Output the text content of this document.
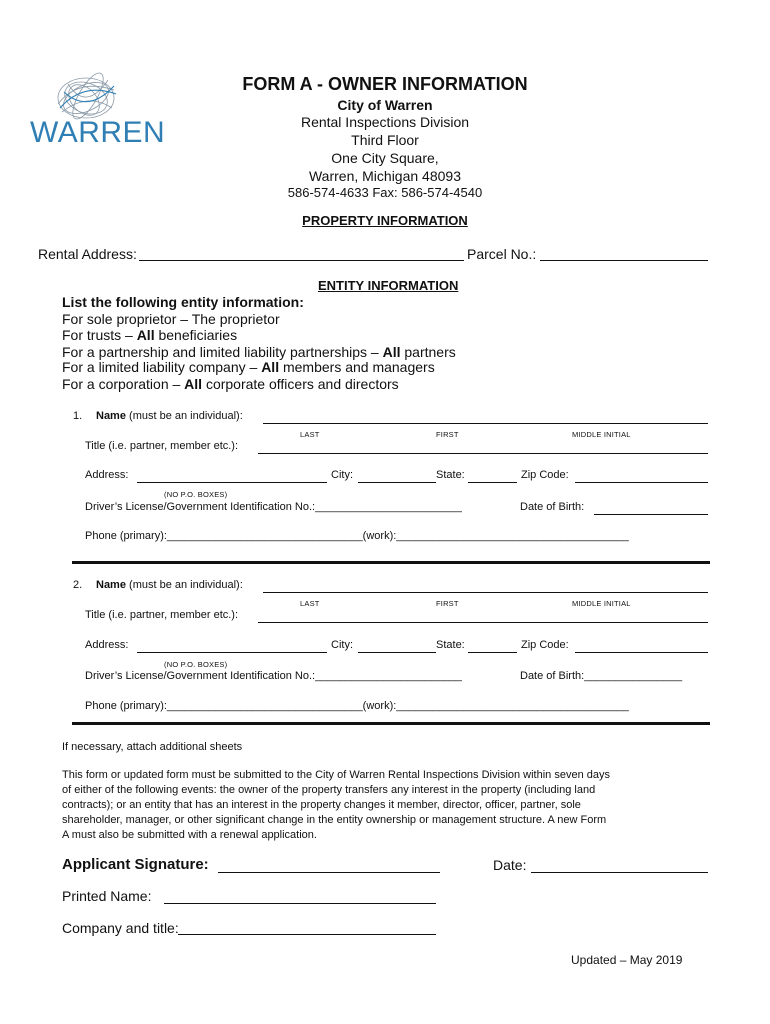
WARREN
FORM A - OWNER INFORMATION
City of Warren
Rental Inspections Division
Third Floor
One City Square,
Warren, Michigan 48093
586-574-4633 Fax: 586-574-4540
PROPERTY INFORMATION
Rental Address:	Parcel No.:
ENTITY INFORMATION
List the following entity information:
For sole proprietor – The proprietor
For trusts – All beneficiaries
For a partnership and limited liability partnerships – All partners
For a limited liability company – All members and managers
For a corporation – All corporate officers and directors
1. Name (must be an individual):
LAST	FIRST	MIDDLE INITIAL
Title (i.e. partner, member etc.):
Address:	City:	State:	Zip Code:
(NO P.O. BOXES)
Driver’s License/Government Identification No.:________________________	Date of Birth:
Phone (primary):________________________________(work):______________________________________
2. Name (must be an individual):
LAST	FIRST	MIDDLE INITIAL
Title (i.e. partner, member etc.):
Address:	City:	State:	Zip Code:
(NO P.O. BOXES)
Driver’s License/Government Identification No.:________________________	Date of Birth:________________
Phone (primary):________________________________(work):______________________________________
If necessary, attach additional sheets
This form or updated form must be submitted to the City of Warren Rental Inspections Division within seven days
of either of the following events: the owner of the property transfers any interest in the property (including land
contracts); or an entity that has an interest in the property changes it member, director, officer, partner, sole
shareholder, manager, or other significant change in the entity ownership or management structure. A new Form
A must also be submitted with a renewal application.
Applicant Signature:	Date:
Printed Name:
Company and title:
Updated – May 2019
